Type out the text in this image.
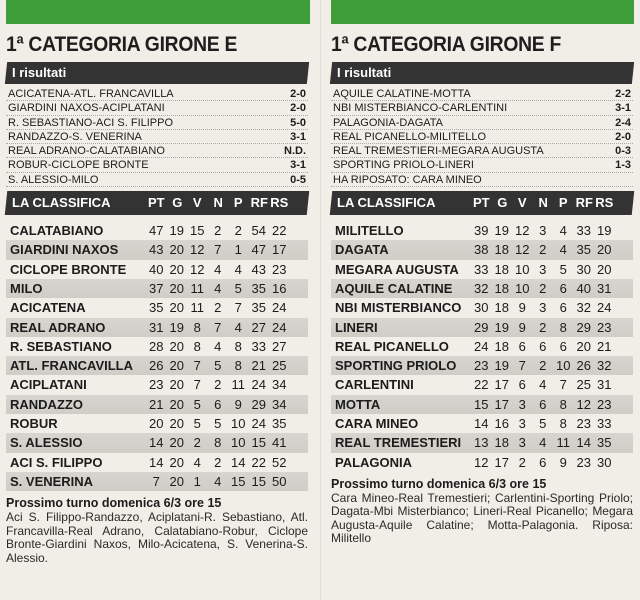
1ª CATEGORIA GIRONE E
I risultati
ACICATENA-ATL. FRANCAVILLA	2-0
GIARDINI NAXOS-ACIPLATANI	2-0
R. SEBASTIANO-ACI S. FILIPPO	5-0
RANDAZZO-S. VENERINA	3-1
REAL ADRANO-CALATABIANO	N.D.
ROBUR-CICLOPE BRONTE	3-1
S. ALESSIO-MILO	0-5
LA CLASSIFICA	PT G V N P RF RS
CALATABIANO	47 19 15 2	2 54 22
GIARDINI NAXOS	43 20 12 7	1 47 17
CICLOPE BRONTE	40 20 12 4	4 43 23
MILO	37 20 11 4	5 35 16
ACICATENA	35 20 11 2	7 35 24
REAL ADRANO	31 19 8	7	4 27 24
R. SEBASTIANO	28 20 8	4	8 33 27
ATL. FRANCAVILLA	26 20 7	5	8 21 25
ACIPLATANI	23 20 7	2 11 24 34
RANDAZZO	21 20 5	6	9 29 34
ROBUR	20 20 5	5 10 24 35
S. ALESSIO	14 20 2	8 10 15 41
ACI S. FILIPPO	14 20 4	2 14 22 52
S. VENERINA	7 20 1	4 15 15 50
Prossimo turno domenica 6/3 ore 15
Aci S. Filippo-Randazzo, Aciplatani-R. Sebastiano, Atl. Francavilla-Real Adrano, Calatabiano-Robur, Ciclope Bronte-Giardini Naxos, Milo-Acicatena, S. Venerina-S. Alessio.
1ª CATEGORIA GIRONE F
I risultati
AQUILE CALATINE-MOTTA	2-2
NBI MISTERBIANCO-CARLENTINI	3-1
PALAGONIA-DAGATA	2-4
REAL PICANELLO-MILITELLO	2-0
REAL TREMESTIERI-MEGARA AUGUSTA	0-3
SPORTING PRIOLO-LINERI	1-3
HA RIPOSATO: CARA MINEO
LA CLASSIFICA	PT G V N P RF RS
MILITELLO	39 19 12 3	4 33 19
DAGATA	38 18 12 2	4 35 20
MEGARA AUGUSTA	33 18 10 3	5 30 20
AQUILE CALATINE	32 18 10 2	6 40 31
NBI MISTERBIANCO 30 18 9	3	6 32 24
LINERI	29 19 9	2	8 29 23
REAL PICANELLO	24 18 6	6	6 20 21
SPORTING PRIOLO	23 19 7	2 10 26 32
CARLENTINI	22 17 6	4	7 25 31
MOTTA	15 17 3	6	8 12 23
CARA MINEO	14 16 3	5	8 23 33
REAL TREMESTIERI 13 18 3	4 11 14 35
PALAGONIA	12 17 2	6	9 23 30
Prossimo turno domenica 6/3 ore 15
Cara Mineo-Real Tremestieri; Carlentini-Sporting Priolo; Dagata-Mbi Misterbianco; Lineri-Real Picanello; Megara Augusta-Aquile Calatine; Motta-Palagonia. Riposa: Militello
